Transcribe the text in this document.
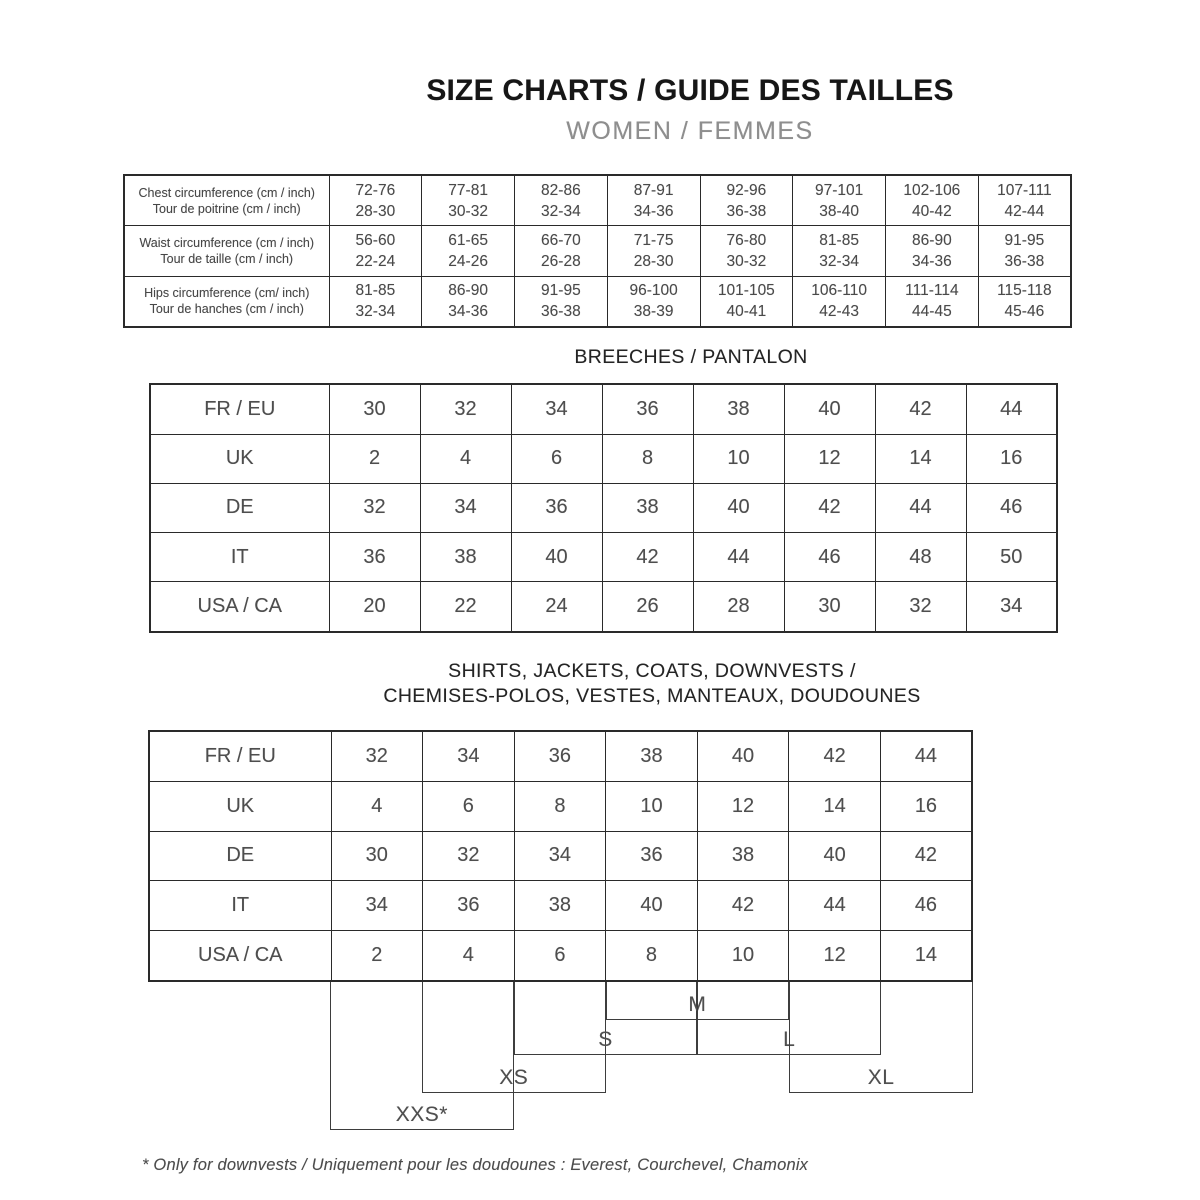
SIZE CHARTS / GUIDE DES TAILLES
WOMEN / FEMMES
Chest circumference (cm / inch)
Tour de poitrine (cm / inch)

72-76
28-30

77-81
30-32

82-86
32-34

87-91
34-36

92-96
36-38

97-101
38-40

102-106
40-42

107-111
42-44

Waist circumference (cm / inch)
Tour de taille (cm / inch)

56-60
22-24

61-65
24-26

66-70
26-28

71-75
28-30

76-80
30-32

81-85
32-34

86-90
34-36

91-95
36-38

Hips circumference (cm/ inch)
Tour de hanches (cm / inch)

81-85
32-34

86-90
34-36

91-95
36-38

96-100
38-39

101-105
40-41

106-110
42-43

111-114
44-45

115-118
45-46
BREECHES / PANTALON
FR / EU	30	32	34	36	38	40	42	44
UK	2	4	6	8	10	12	14	16
DE	32	34	36	38	40	42	44	46
IT	36	38	40	42	44	46	48	50
USA / CA	20	22	24	26	28	30	32	34
SHIRTS, JACKETS, COATS, DOWNVESTS /
CHEMISES-POLOS, VESTES, MANTEAUX, DOUDOUNES
FR / EU	32	34	36	38	40	42	44
UK	4	6	8	10	12	14	16
DE	30	32	34	36	38	40	42
IT	34	36	38	40	42	44	46
USA / CA	2	4	6	8	10	12	14
XXS*
XS
S
M
L
XL
* Only for downvests / Uniquement pour les doudounes : Everest, Courchevel, Chamonix
